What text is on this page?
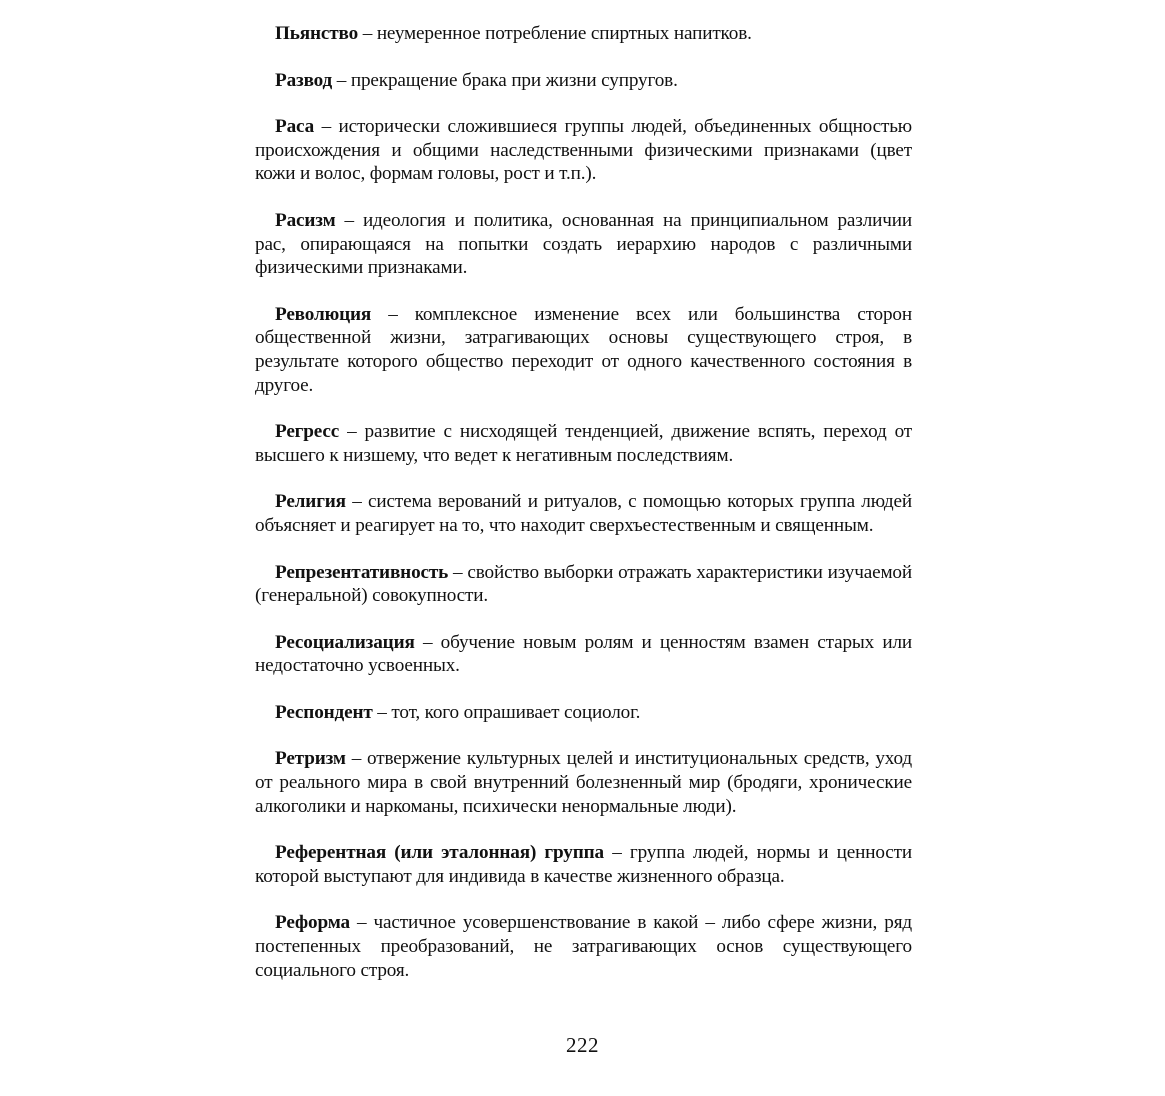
Пьянство – неумеренное потребление спиртных напитков.

Развод – прекращение брака при жизни супругов.

Раса – исторически сложившиеся группы людей, объединенных общностью происхождения и общими наследственными физическими признаками (цвет кожи и волос, формам головы, рост и т.п.).

Расизм – идеология и политика, основанная на принципиальном различии рас, опирающаяся на попытки создать иерархию народов с различными физическими признаками.

Революция – комплексное изменение всех или большинства сторон общественной жизни, затрагивающих основы существующего строя, в результате которого общество переходит от одного качественного состояния в другое.

Регресс – развитие с нисходящей тенденцией, движение вспять, переход от высшего к низшему, что ведет к негативным последствиям.

Религия – система верований и ритуалов, с помощью которых группа людей объясняет и реагирует на то, что находит сверхъестественным и священным.

Репрезентативность – свойство выборки отражать характеристики изучаемой (генеральной) совокупности.

Ресоциализация – обучение новым ролям и ценностям взамен старых или недостаточно усвоенных.

Респондент – тот, кого опрашивает социолог.

Ретризм – отвержение культурных целей и институциональных средств, уход от реального мира в свой внутренний болезненный мир (бродяги, хронические алкоголики и наркоманы, психически ненормальные люди).

Референтная (или эталонная) группа – группа людей, нормы и ценности которой выступают для индивида в качестве жизненного образца.

Реформа – частичное усовершенствование в какой – либо сфере жизни, ряд постепенных преобразований, не затрагивающих основ существующего социального строя.

222
